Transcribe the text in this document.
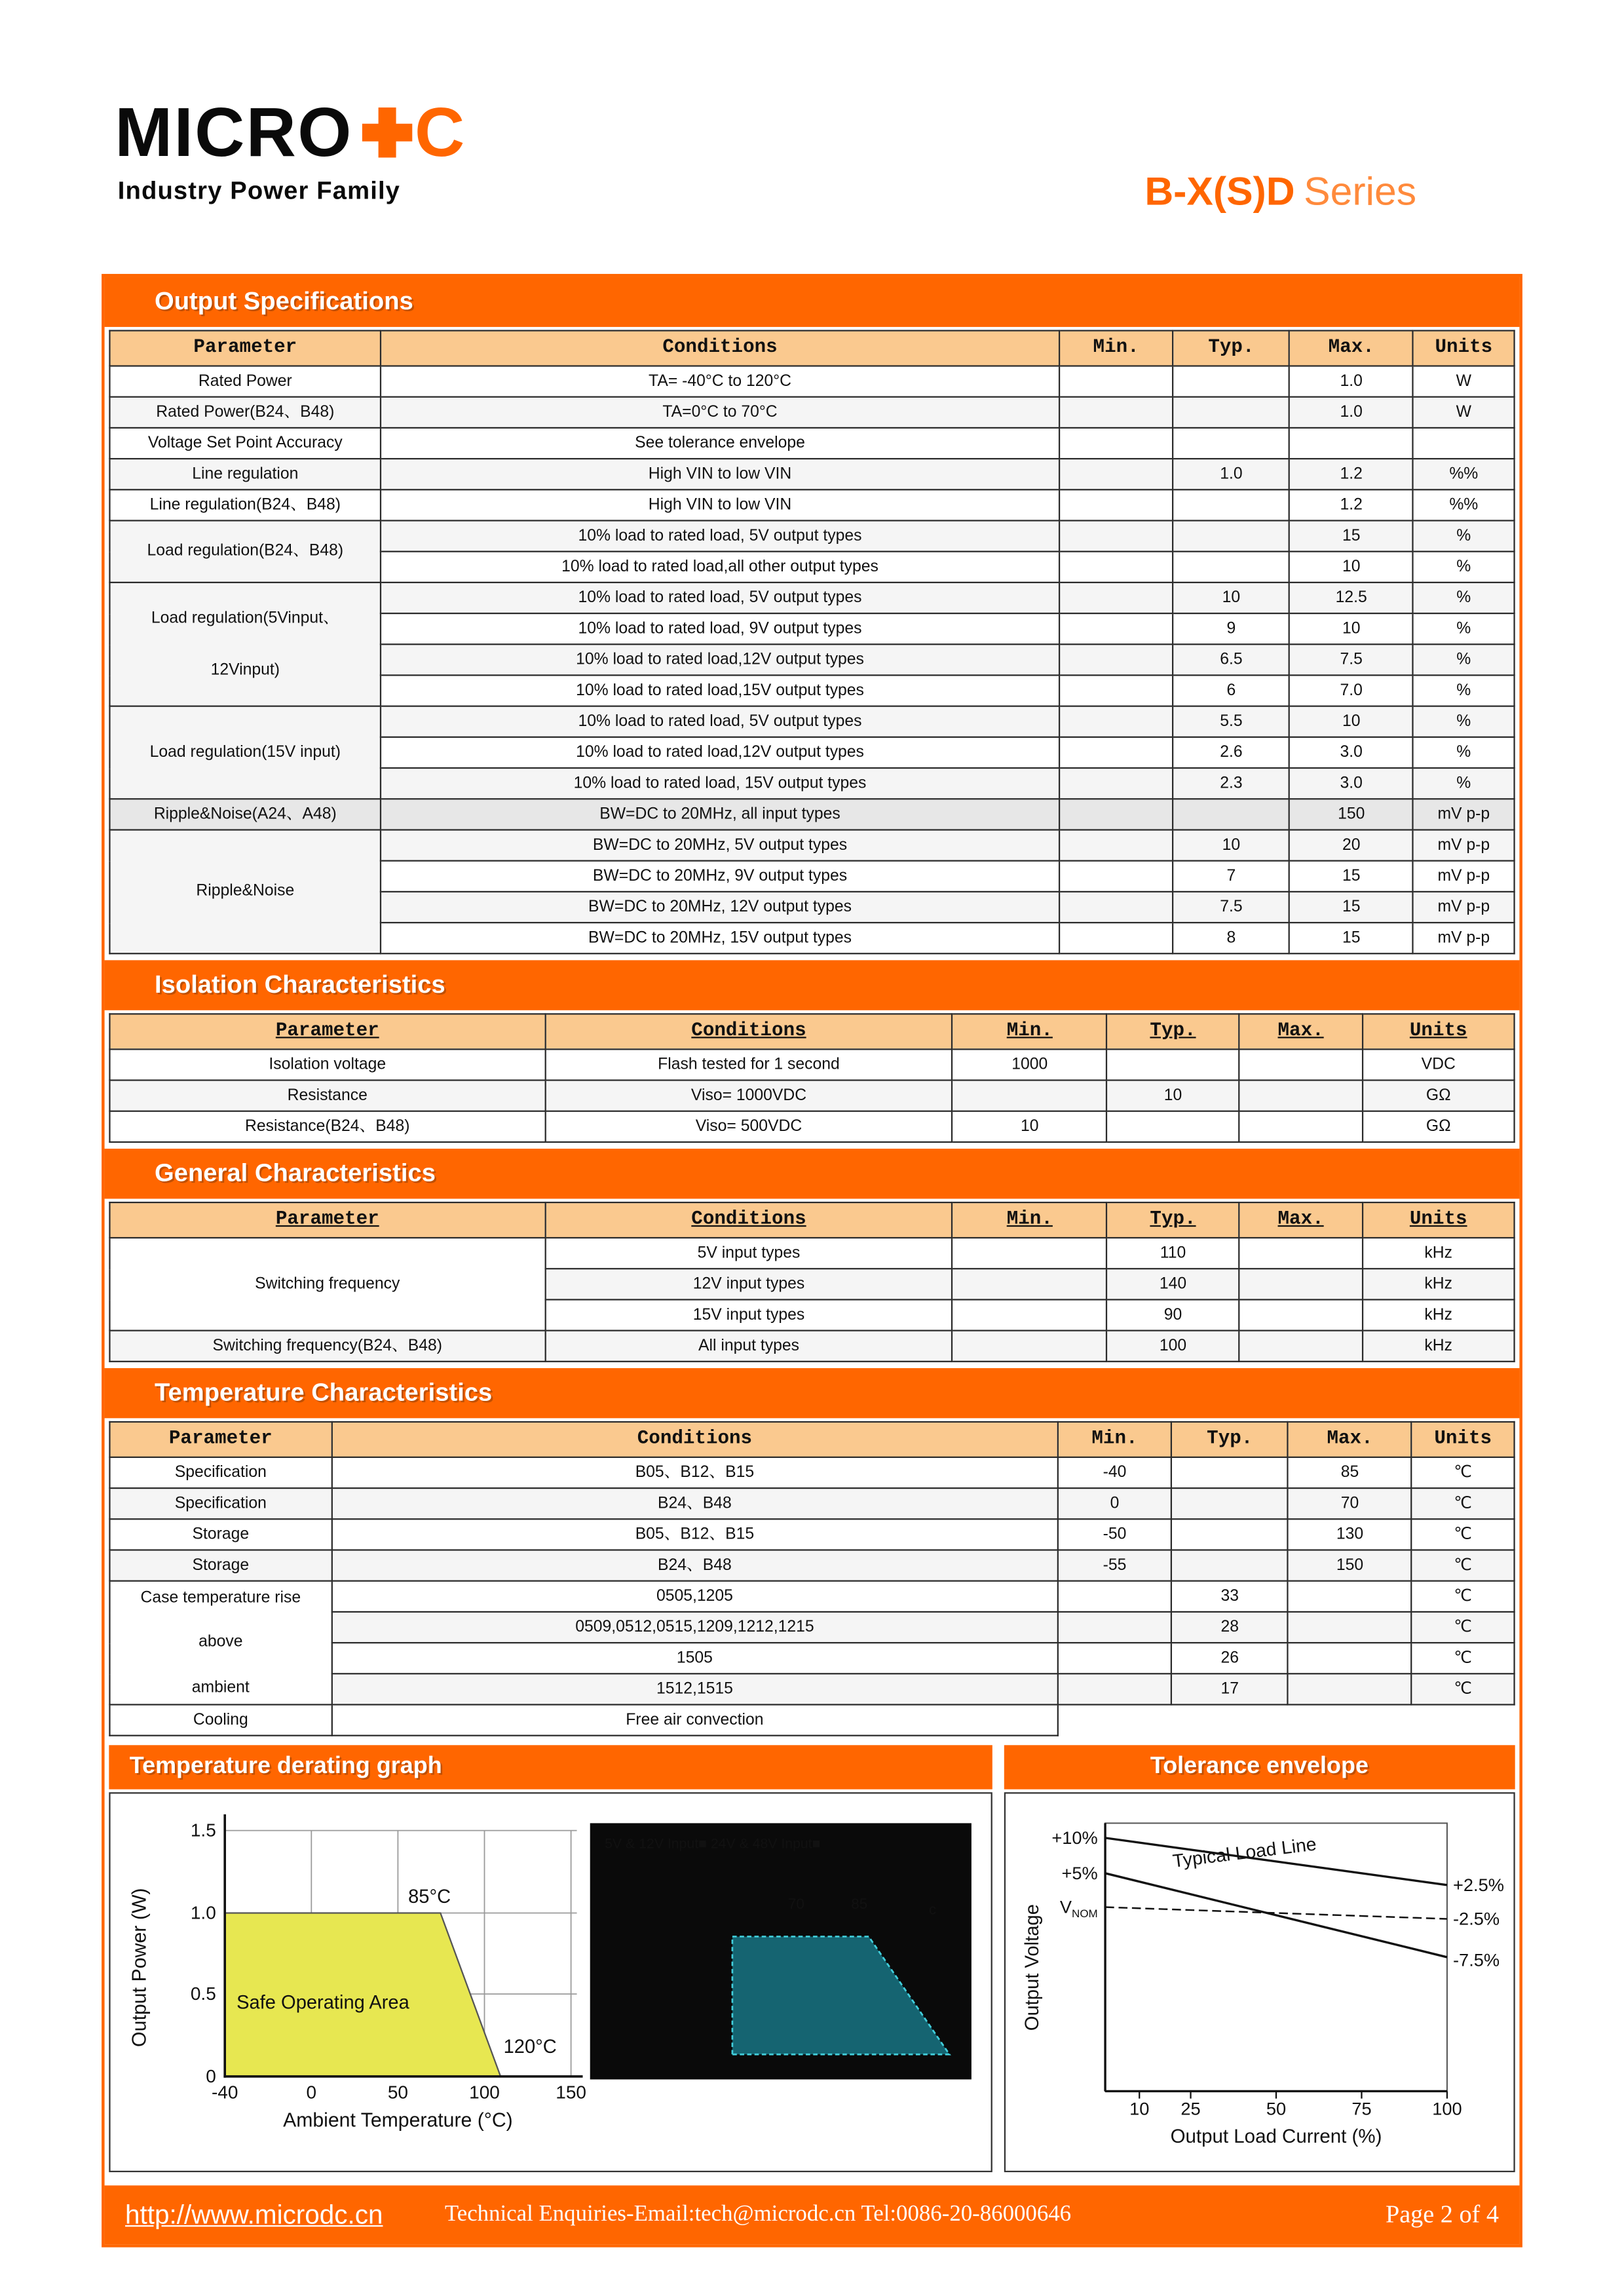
MICRO C
Industry Power Family	B-X(S)D Series
Output Specifications
Parameter	Conditions	Min.	Typ.	Max.	Units
Rated Power	TA= -40°C to 120°C			1.0	W
Rated Power(B24、B48)	TA=0°C to 70°C			1.0	W
Voltage Set Point Accuracy	See tolerance envelope				
Line regulation	High VIN to low VIN		1.0	1.2	%%
Line regulation(B24、B48)	High VIN to low VIN			1.2	%%
Load regulation(B24、B48)	10% load to rated load, 5V output types			15	%
	10% load to rated load,all other output types			10	%

Load regulation(5Vinput、
12Vinput)	10% load to rated load, 5V output types		10	12.5	%
	10% load to rated load, 9V output types		9	10	%
	10% load to rated load,12V output types		6.5	7.5	%
	10% load to rated load,15V output types		6	7.0	%
Load regulation(15V input)	10% load to rated load, 5V output types		5.5	10	%
	10% load to rated load,12V output types		2.6	3.0	%
	10% load to rated load, 15V output types		2.3	3.0	%
Ripple&Noise(A24、A48)	BW=DC to 20MHz, all input types			150	mV p-p
Ripple&Noise	BW=DC to 20MHz, 5V output types		10	20	mV p-p
	BW=DC to 20MHz, 9V output types		7	15	mV p-p
	BW=DC to 20MHz, 12V output types		7.5	15	mV p-p
	BW=DC to 20MHz, 15V output types		8	15	mV p-p
Isolation Characteristics
Parameter	Conditions	Min.	Typ.	Max.	Units
Isolation voltage	Flash tested for 1 second	1000			VDC
Resistance	Viso= 1000VDC		10		GΩ
Resistance(B24、B48)	Viso= 500VDC	10			GΩ
General Characteristics
Parameter	Conditions	Min.	Typ.	Max.	Units
Switching frequency	5V input types		110		kHz
	12V input types		140		kHz
	15V input types		90		kHz
Switching frequency(B24、B48)	All input types		100		kHz
Temperature Characteristics
Parameter	Conditions	Min.	Typ.	Max.	Units
Specification	B05、B12、B15	-40		85	℃
Specification	B24、B48	0		70	℃
Storage	B05、B12、B15	-50		130	℃
Storage	B24、B48	-55		150	℃

Case temperature rise
above
ambient	0505,1205		33		℃
	0509,0512,0515,1209,1212,1215		28		℃
	1505		26		℃
	1512,1515		17		℃
Cooling	Free air convection				
Temperature derating graph
1.5
1.0
0.5
0
-40	0	50	100	150
Safe Operating Area
85°C
120°C
Output Power (W)
Ambient Temperature (°C)
5V & 12V Input■ 24V & 48V Input■
70	85	c
Tolerance envelope
+10%
+5%
$V_{NOM}$
+2.5%
-2.5%
-7.5%
Typical Load Line
10	25	50	75	100
Output Load Current (%)
Output Voltage
http://www.microdc.cn	Technical Enquiries-Email:tech@microdc.cn Tel:0086-20-86000646	Page 2 of 4
